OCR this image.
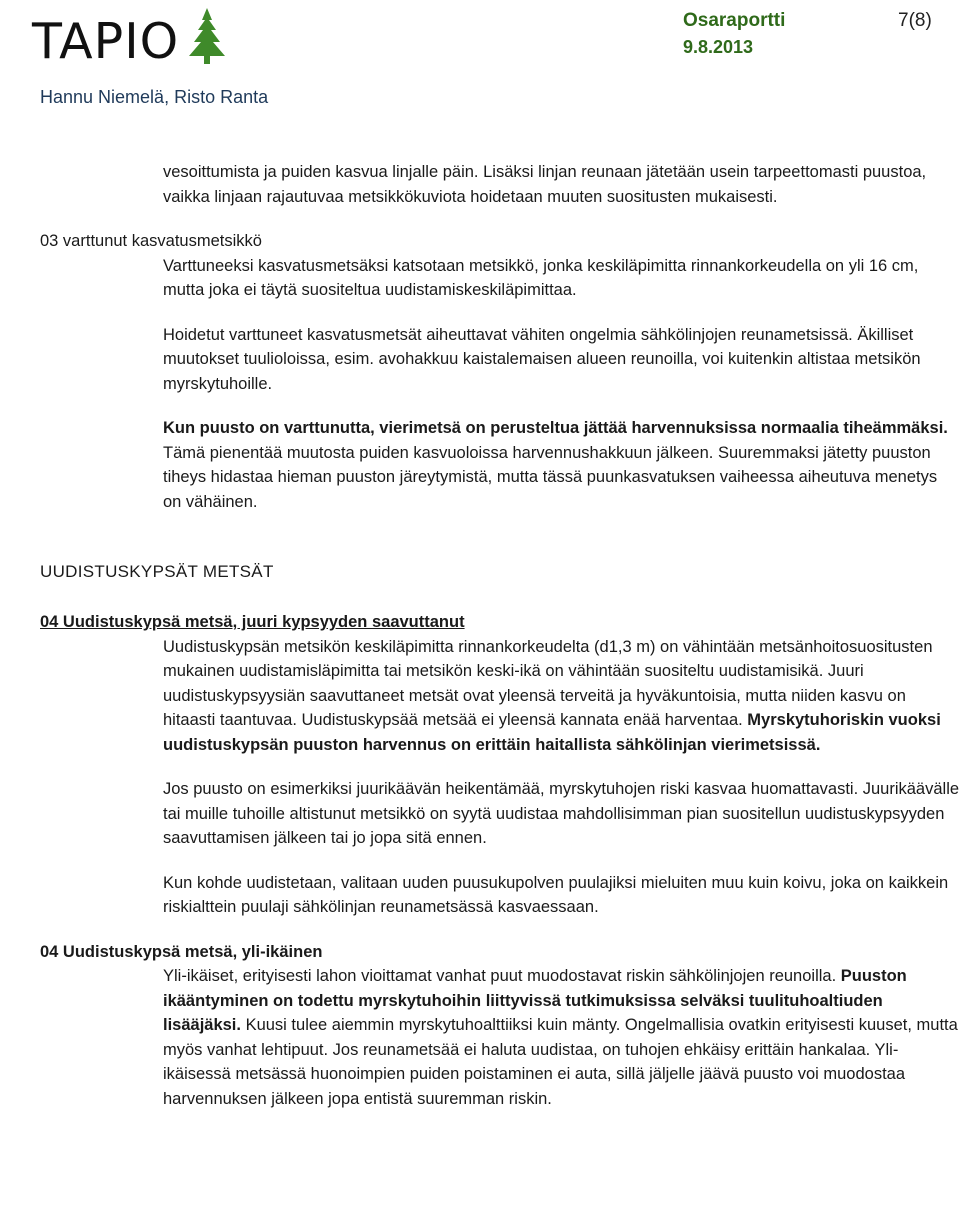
TAPIO	Osaraportti
9.8.2013
7(8)
Hannu Niemelä, Risto Ranta
vesoittumista ja puiden kasvua linjalle päin. Lisäksi linjan reunaan jätetään usein tarpeettomasti puustoa, vaikka linjaan rajautuvaa metsikkökuviota hoidetaan muuten suositusten mukaisesti.
03 varttunut kasvatusmetsikkö
Varttuneeksi kasvatusmetsäksi katsotaan metsikkö, jonka keskiläpimitta rinnankorkeudella on yli 16 cm, mutta joka ei täytä suositeltua uudistamiskeskiläpimittaa.
Hoidetut varttuneet kasvatusmetsät aiheuttavat vähiten ongelmia sähkölinjojen reunametsissä. Äkilliset muutokset tuulioloissa, esim. avohakkuu kaistalemaisen alueen reunoilla, voi kuitenkin altistaa metsikön myrskytuhoille.
Kun puusto on varttunutta, vierimetsä on perusteltua jättää harvennuksissa normaalia tiheämmäksi. Tämä pienentää muutosta puiden kasvuoloissa harvennushakkuun jälkeen. Suuremmaksi jätetty puuston tiheys hidastaa hieman puuston järeytymistä, mutta tässä puunkasvatuksen vaiheessa aiheutuva menetys on vähäinen.
UUDISTUSKYPSÄT METSÄT
04 Uudistuskypsä metsä, juuri kypsyyden saavuttanut
Uudistuskypsän metsikön keskiläpimitta rinnankorkeudelta (d1,3 m) on vähintään metsänhoitosuositusten mukainen uudistamisläpimitta tai metsikön keski-ikä on vähintään suositeltu uudistamisikä. Juuri uudistuskypsyysiän saavuttaneet metsät ovat yleensä terveitä ja hyväkuntoisia, mutta niiden kasvu on hitaasti taantuvaa. Uudistuskypsää metsää ei yleensä kannata enää harventaa. Myrskytuhoriskin vuoksi uudistuskypsän puuston harvennus on erittäin haitallista sähkölinjan vierimetsissä.
Jos puusto on esimerkiksi juurikäävän heikentämää, myrskytuhojen riski kasvaa huomattavasti. Juurikäävälle tai muille tuhoille altistunut metsikkö on syytä uudistaa mahdollisimman pian suositellun uudistuskypsyyden saavuttamisen jälkeen tai jo jopa sitä ennen.
Kun kohde uudistetaan, valitaan uuden puusukupolven puulajiksi mieluiten muu kuin koivu, joka on kaikkein riskialttein puulaji sähkölinjan reunametsässä kasvaessaan.
04 Uudistuskypsä metsä, yli-ikäinen
Yli-ikäiset, erityisesti lahon vioittamat vanhat puut muodostavat riskin sähkölinjojen reunoilla. Puuston ikääntyminen on todettu myrskytuhoihin liittyvissä tutkimuksissa selväksi tuulituhoaltiuden lisääjäksi. Kuusi tulee aiemmin myrskytuhoalttiiksi kuin mänty. Ongelmallisia ovatkin erityisesti kuuset, mutta myös vanhat lehtipuut. Jos reunametsää ei haluta uudistaa, on tuhojen ehkäisy erittäin hankalaa. Yli-ikäisessä metsässä huonoimpien puiden poistaminen ei auta, sillä jäljelle jäävä puusto voi muodostaa harvennuksen jälkeen jopa entistä suuremman riskin.
